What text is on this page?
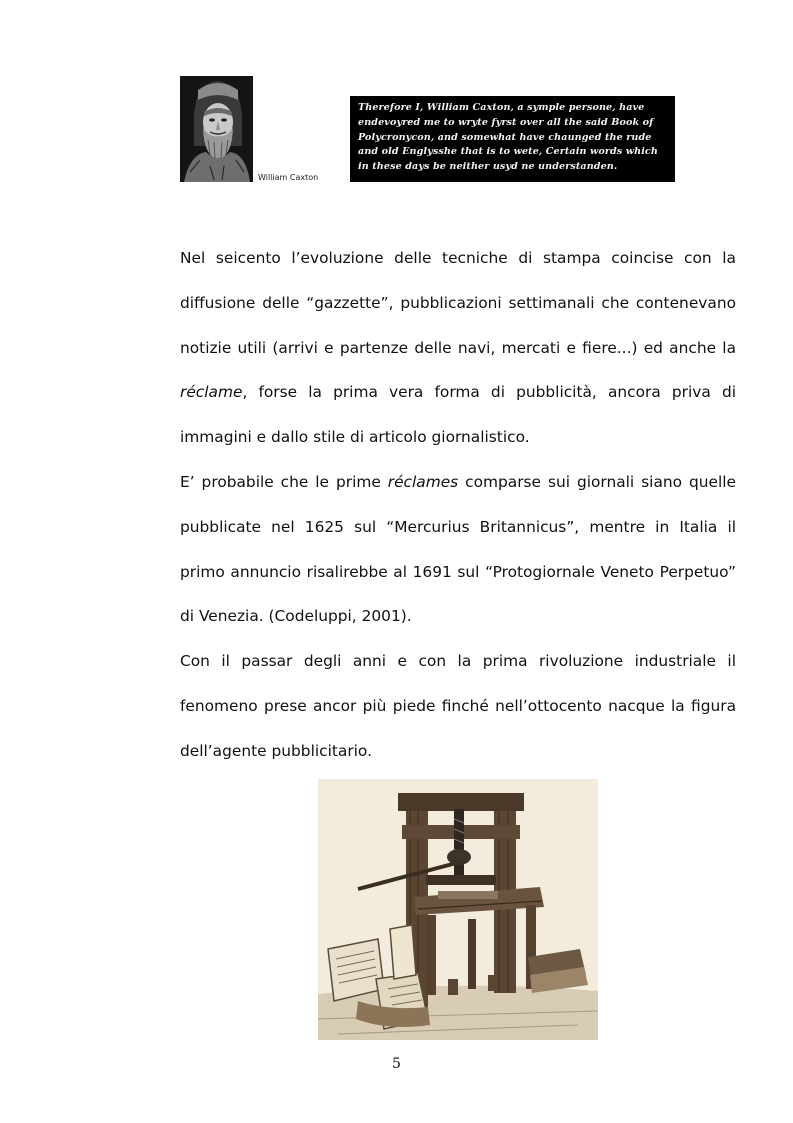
William Caxton
Therefore I, William Caxton, a symple persone, have
endevoyred me to wryte fyrst over all the said Book of
Polycronycon, and somewhat have chaunged the rude
and old Englysshe that is to wete, Certain words which
in these days be neither usyd ne understanden.

Nel seicento l’evoluzione delle tecniche di stampa coincise con la diffusione delle “gazzette”, pubblicazioni settimanali che contenevano notizie utili (arrivi e partenze delle navi, mercati e fiere...) ed anche la réclame, forse la prima vera forma di pubblicità, ancora priva di immagini e dallo stile di articolo giornalistico.

E’ probabile che le prime réclames comparse sui giornali siano quelle pubblicate nel 1625 sul “Mercurius Britannicus”, mentre in Italia il primo annuncio risalirebbe al 1691 sul “Protogiornale Veneto Perpetuo” di Venezia. (Codeluppi, 2001).

Con il passar degli anni e con la prima rivoluzione industriale il fenomeno prese ancor più piede finché nell’ottocento nacque la figura dell’agente pubblicitario.

5
